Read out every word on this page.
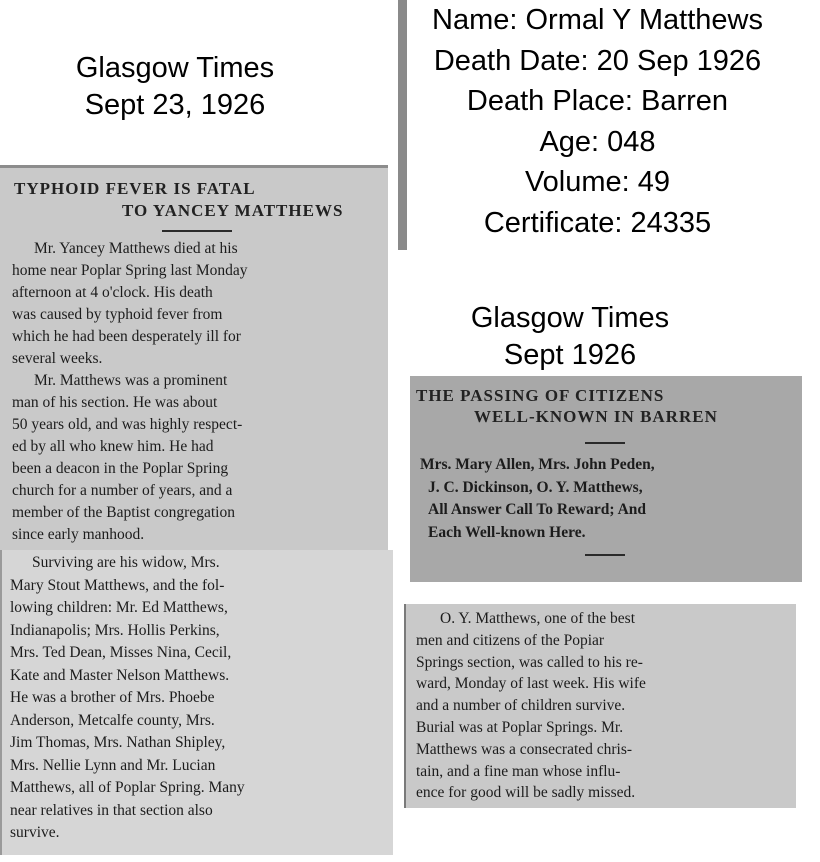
Glasgow Times
Sept 23, 1926
Name: Ormal Y Matthews
Death Date: 20 Sep 1926
Death Place: Barren
Age: 048
Volume: 49
Certificate: 24335
TYPHOID FEVER IS FATAL
TO YANCEY MATTHEWS
Mr. Yancey Matthews died at his
home near Poplar Spring last Monday
afternoon at 4 o'clock. His death
was caused by typhoid fever from
which he had been desperately ill for
several weeks.
Mr. Matthews was a prominent
man of his section. He was about
50 years old, and was highly respect-
ed by all who knew him. He had
been a deacon in the Poplar Spring
church for a number of years, and a
member of the Baptist congregation
since early manhood.
Surviving are his widow, Mrs.
Mary Stout Matthews, and the fol-
lowing children: Mr. Ed Matthews,
Indianapolis; Mrs. Hollis Perkins,
Mrs. Ted Dean, Misses Nina, Cecil,
Kate and Master Nelson Matthews.
He was a brother of Mrs. Phoebe
Anderson, Metcalfe county, Mrs.
Jim Thomas, Mrs. Nathan Shipley,
Mrs. Nellie Lynn and Mr. Lucian
Matthews, all of Poplar Spring. Many
near relatives in that section also
survive.
Glasgow Times
Sept 1926
THE PASSING OF CITIZENS
WELL-KNOWN IN BARREN
Mrs. Mary Allen, Mrs. John Peden,
J. C. Dickinson, O. Y. Matthews,
All Answer Call To Reward; And
Each Well-known Here.
O. Y. Matthews, one of the best
men and citizens of the Popiar
Springs section, was called to his re-
ward, Monday of last week. His wife
and a number of children survive.
Burial was at Poplar Springs. Mr.
Matthews was a consecrated chris-
tain, and a fine man whose influ-
ence for good will be sadly missed.
